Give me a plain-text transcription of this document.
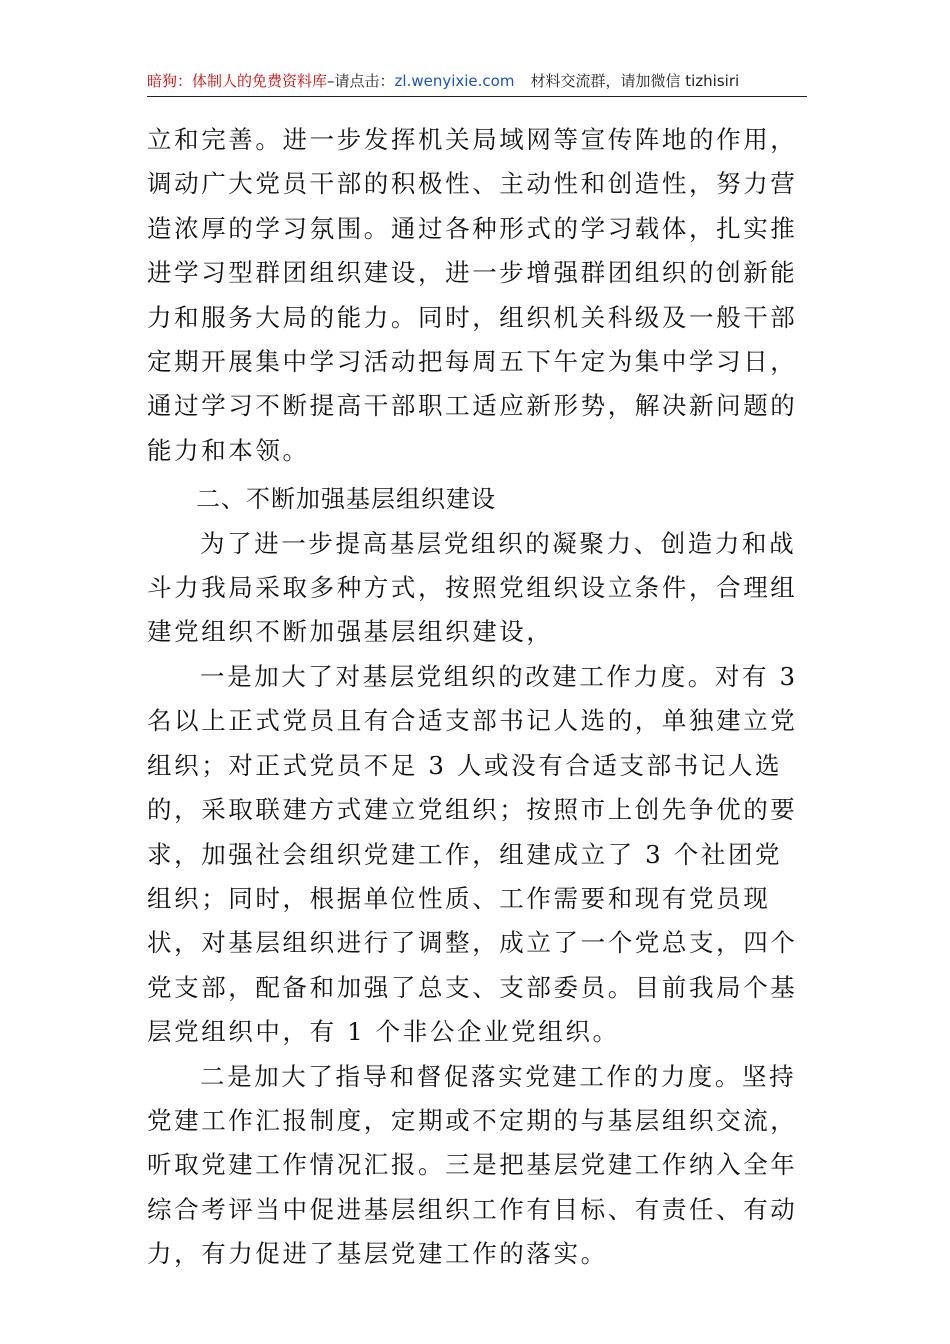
暗狗：体制人的免费资料库–请点击：zl.wenyixie.com 材料交流群，请加微信 tizhisiri

立和完善。进一步发挥机关局域网等宣传阵地的作用，调动广大党员干部的积极性、主动性和创造性，努力营造浓厚的学习氛围。通过各种形式的学习载体，扎实推进学习型群团组织建设，进一步增强群团组织的创新能力和服务大局的能力。同时，组织机关科级及一般干部定期开展集中学习活动把每周五下午定为集中学习日，通过学习不断提高干部职工适应新形势，解决新问题的能力和本领。

二、不断加强基层组织建设

为了进一步提高基层党组织的凝聚力、创造力和战斗力我局采取多种方式，按照党组织设立条件，合理组建党组织不断加强基层组织建设，

一是加大了对基层党组织的改建工作力度。对有 3 名以上正式党员且有合适支部书记人选的，单独建立党组织；对正式党员不足 3 人或没有合适支部书记人选的，采取联建方式建立党组织；按照市上创先争优的要求，加强社会组织党建工作，组建成立了 3 个社团党组织；同时，根据单位性质、工作需要和现有党员现状，对基层组织进行了调整，成立了一个党总支，四个党支部，配备和加强了总支、支部委员。目前我局个基层党组织中，有 1 个非公企业党组织。

二是加大了指导和督促落实党建工作的力度。坚持党建工作汇报制度，定期或不定期的与基层组织交流，听取党建工作情况汇报。三是把基层党建工作纳入全年综合考评当中促进基层组织工作有目标、有责任、有动力，有力促进了基层党建工作的落实。
